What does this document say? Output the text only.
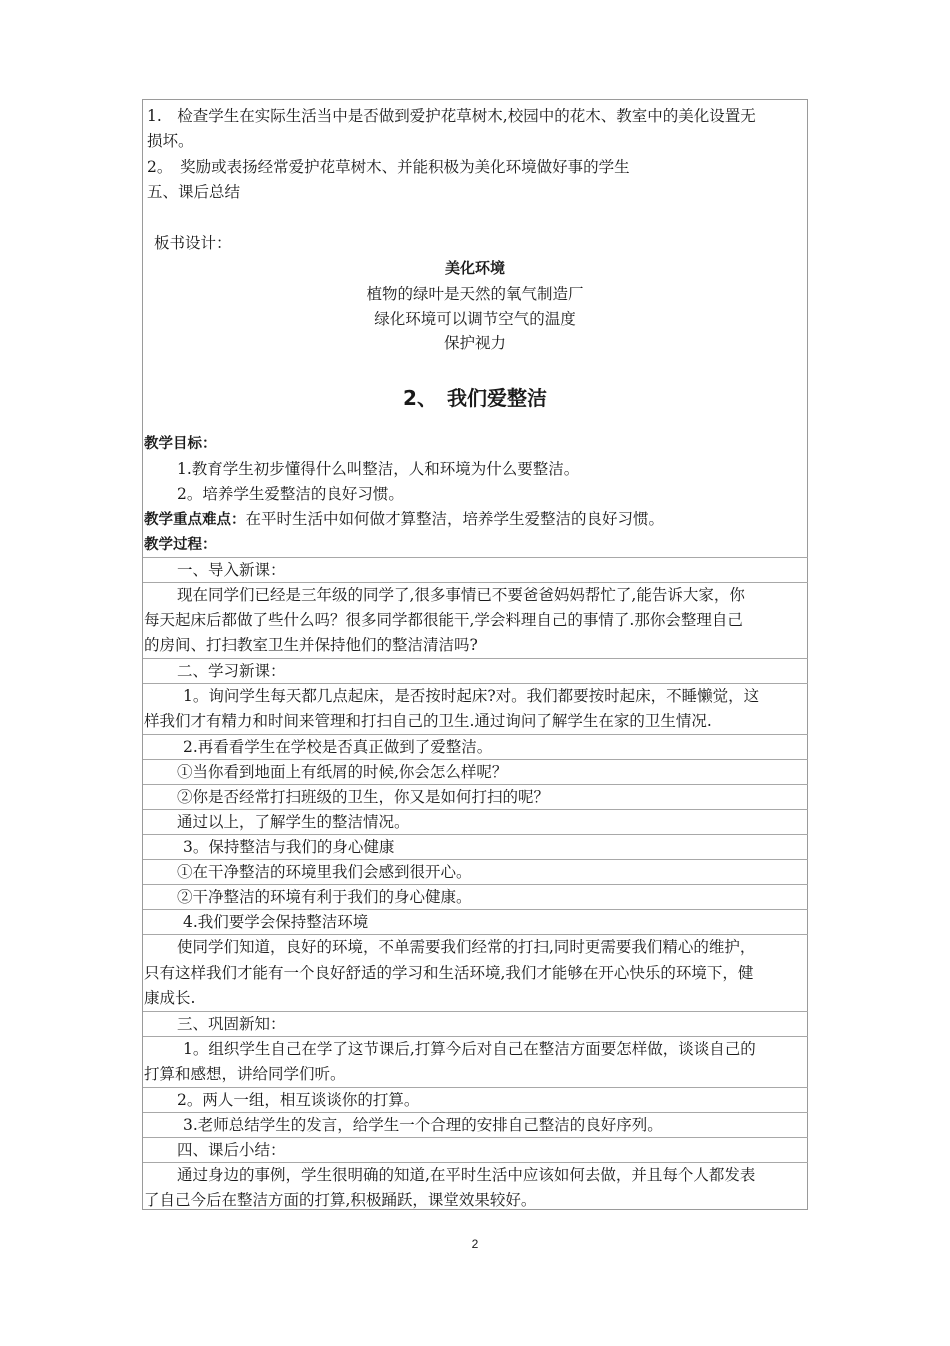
1.　检查学生在实际生活当中是否做到爱护花草树木,校园中的花木、教室中的美化设置无
损坏。
2。　奖励或表扬经常爱护花草树木、并能积极为美化环境做好事的学生
五、课后总结
板书设计：
美化环境
植物的绿叶是天然的氧气制造厂
绿化环境可以调节空气的温度
保护视力
2、　我们爱整洁
教学目标：
1.教育学生初步懂得什么叫整洁，人和环境为什么要整洁。
2。培养学生爱整洁的良好习惯。
教学重点难点：在平时生活中如何做才算整洁，培养学生爱整洁的良好习惯。
教学过程：
一、导入新课：
现在同学们已经是三年级的同学了,很多事情已不要爸爸妈妈帮忙了,能告诉大家，你
每天起床后都做了些什么吗？很多同学都很能干,学会料理自己的事情了.那你会整理自己
的房间、打扫教室卫生并保持他们的整洁清洁吗?
二、学习新课：
1。询问学生每天都几点起床，是否按时起床?对。我们都要按时起床，不睡懒觉，这
样我们才有精力和时间来管理和打扫自己的卫生.通过询问了解学生在家的卫生情况.
2.再看看学生在学校是否真正做到了爱整洁。
①当你看到地面上有纸屑的时候,你会怎么样呢？
②你是否经常打扫班级的卫生，你又是如何打扫的呢？
通过以上，了解学生的整洁情况。
3。保持整洁与我们的身心健康
①在干净整洁的环境里我们会感到很开心。
②干净整洁的环境有利于我们的身心健康。
4.我们要学会保持整洁环境
使同学们知道，良好的环境，不单需要我们经常的打扫,同时更需要我们精心的维护，
只有这样我们才能有一个良好舒适的学习和生活环境,我们才能够在开心快乐的环境下，健
康成长.
三、巩固新知：
1。组织学生自己在学了这节课后,打算今后对自己在整洁方面要怎样做，谈谈自己的
打算和感想，讲给同学们听。
2。两人一组，相互谈谈你的打算。
3.老师总结学生的发言，给学生一个合理的安排自己整洁的良好序列。
四、课后小结：
通过身边的事例，学生很明确的知道,在平时生活中应该如何去做，并且每个人都发表
了自己今后在整洁方面的打算,积极踊跃，课堂效果较好。
2
